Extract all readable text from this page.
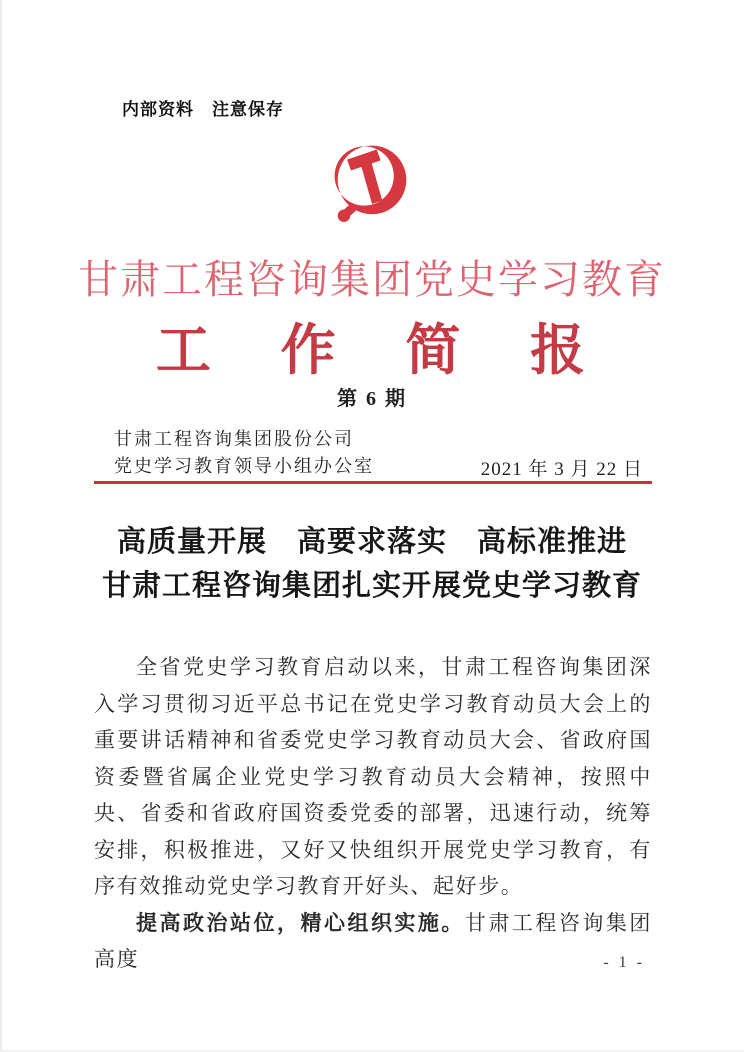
内部资料　注意保存
甘肃工程咨询集团党史学习教育
工 作 简 报
第 6 期
甘肃工程咨询集团股份公司
党史学习教育领导小组办公室	2021 年 3 月 22 日
高质量开展　高要求落实　高标准推进
甘肃工程咨询集团扎实开展党史学习教育

全省党史学习教育启动以来，甘肃工程咨询集团深入学习贯彻习近平总书记在党史学习教育动员大会上的重要讲话精神和省委党史学习教育动员大会、省政府国资委暨省属企业党史学习教育动员大会精神，按照中央、省委和省政府国资委党委的部署，迅速行动，统筹安排，积极推进，又好又快组织开展党史学习教育，有序有效推动党史学习教育开好头、起好步。

提高政治站位，精心组织实施。甘肃工程咨询集团高度	- 1 -
